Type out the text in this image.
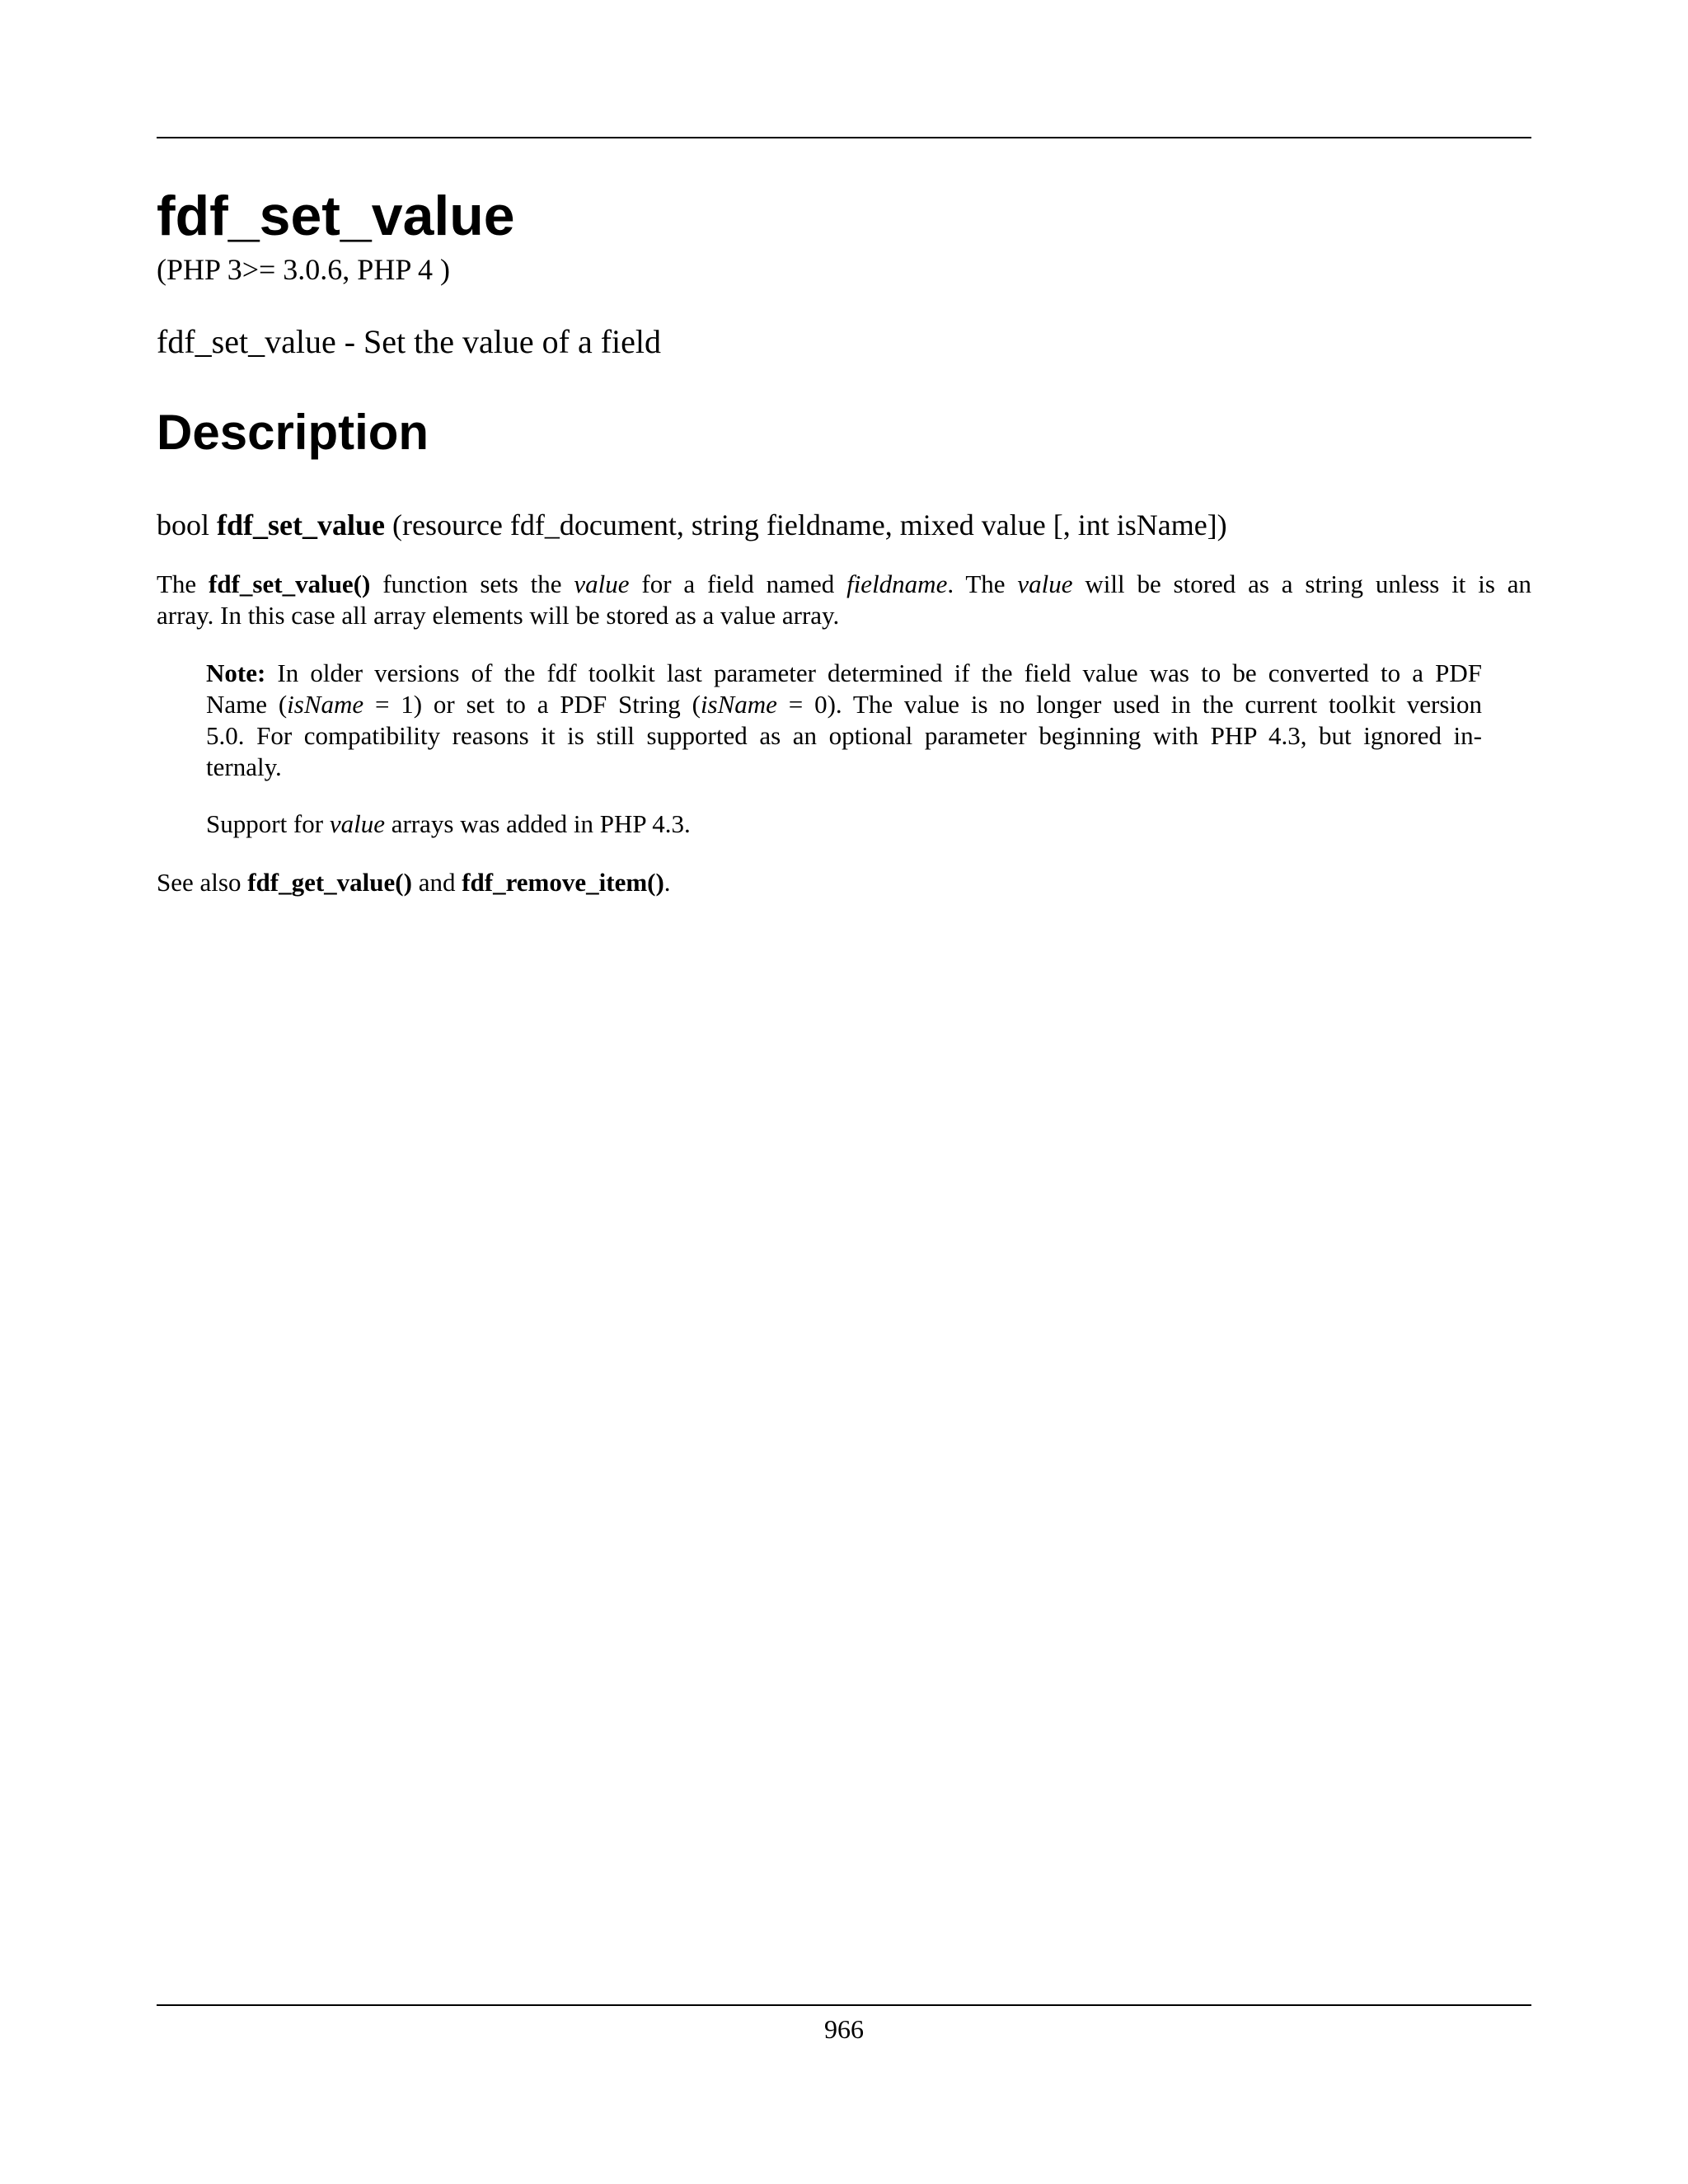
fdf_set_value
(PHP 3>= 3.0.6, PHP 4 )
fdf_set_value - Set the value of a field
Description
bool fdf_set_value (resource fdf_document, string fieldname, mixed value [, int isName])

The fdf_set_value() function sets the value for a field named fieldname. The value will be stored as a string unless it is an
array. In this case all array elements will be stored as a value array.

Note: In older versions of the fdf toolkit last parameter determined if the field value was to be converted to a PDF
Name (isName = 1) or set to a PDF String (isName = 0). The value is no longer used in the current toolkit version
5.0. For compatibility reasons it is still supported as an optional parameter beginning with PHP 4.3, but ignored in-
ternaly.

Support for value arrays was added in PHP 4.3.

See also fdf_get_value() and fdf_remove_item().

966
